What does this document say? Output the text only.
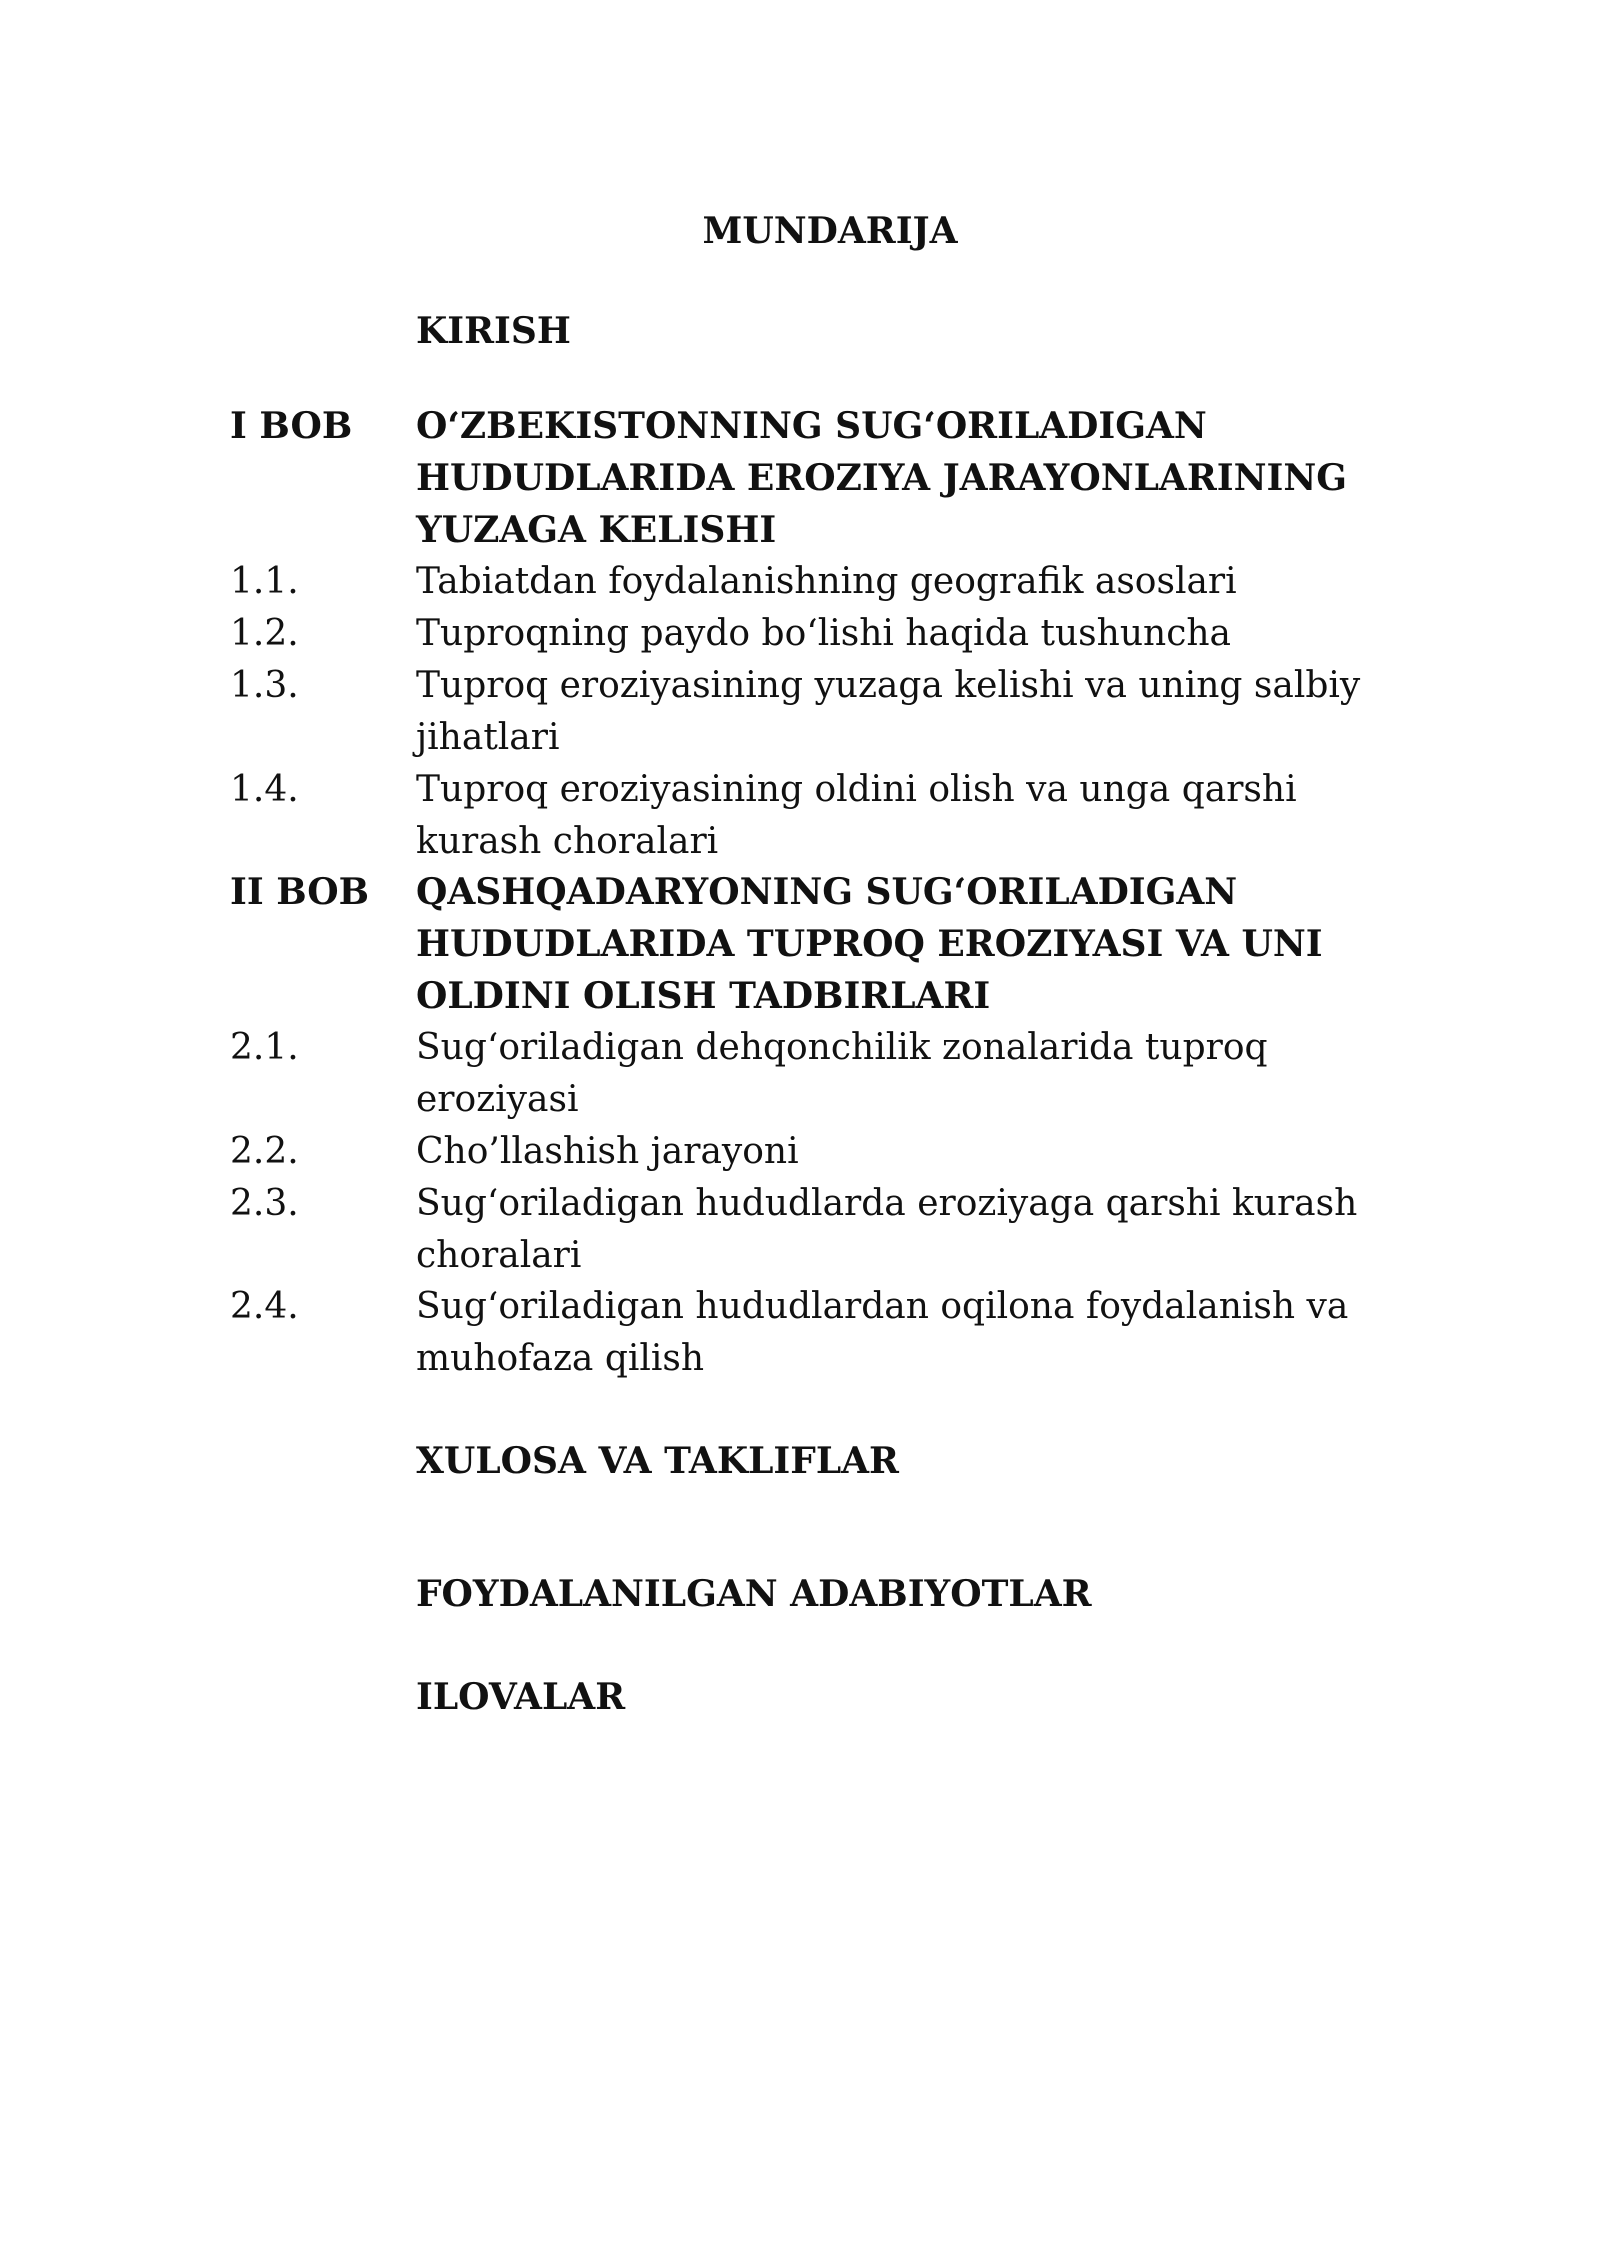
MUNDARIJA
KIRISH
I BOB	O‘ZBEKISTONNING SUG‘ORILADIGAN
HUDUDLARIDA EROZIYA JARAYONLARINING
YUZAGA KELISHI
1.1.	Tabiatdan foydalanishning geografik asoslari
1.2.	Tuproqning paydo bo‘lishi haqida tushuncha
1.3.	Tuproq eroziyasining yuzaga kelishi va uning salbiy
jihatlari
1.4.	Tuproq eroziyasining oldini olish va unga qarshi
kurash choralari
II BOB	QASHQADARYONING SUG‘ORILADIGAN
HUDUDLARIDA TUPROQ EROZIYASI VA UNI
OLDINI OLISH TADBIRLARI
2.1.	Sug‘oriladigan dehqonchilik zonalarida tuproq
eroziyasi
2.2.	Cho’llashish jarayoni
2.3.	Sug‘oriladigan hududlarda eroziyaga qarshi kurash
choralari
2.4.	Sug‘oriladigan hududlardan oqilona foydalanish va
muhofaza qilish
XULOSA VA TAKLIFLAR
FOYDALANILGAN ADABIYOTLAR
ILOVALAR
